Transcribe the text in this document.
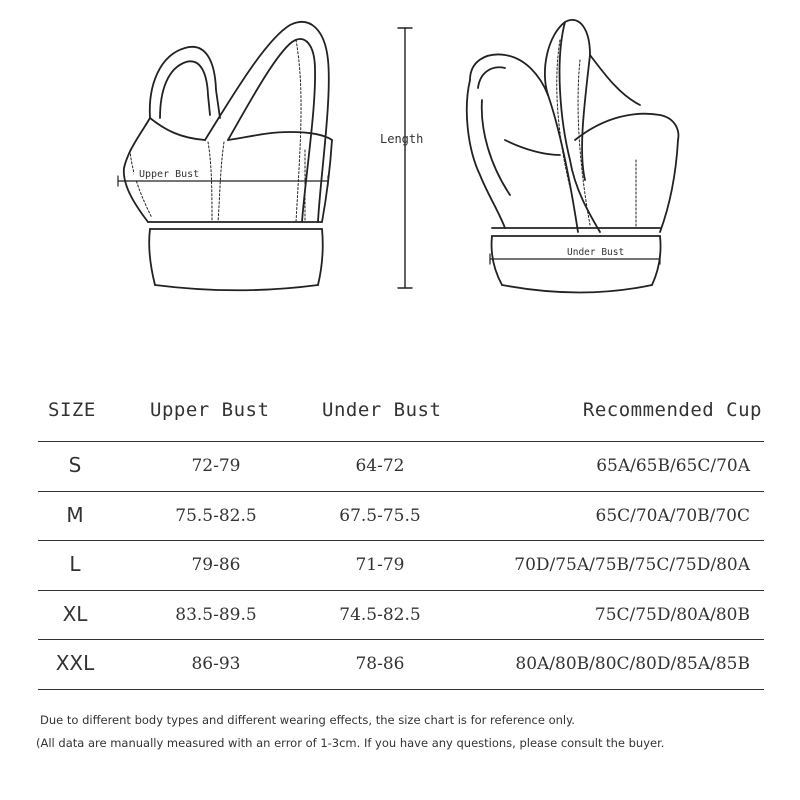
Upper Bust
Length
Under Bust
SIZE	Upper Bust	Under Bust	Recommended Cup
S	72-79	64-72	65A/65B/65C/70A
M	75.5-82.5	67.5-75.5	65C/70A/70B/70C
L	79-86	71-79	70D/75A/75B/75C/75D/80A
XL	83.5-89.5	74.5-82.5	75C/75D/80A/80B
XXL	86-93	78-86	80A/80B/80C/80D/85A/85B

Due to different body types and different wearing effects, the size chart is for reference only.

(All data are manually measured with an error of 1-3cm. If you have any questions, please consult the buyer.
